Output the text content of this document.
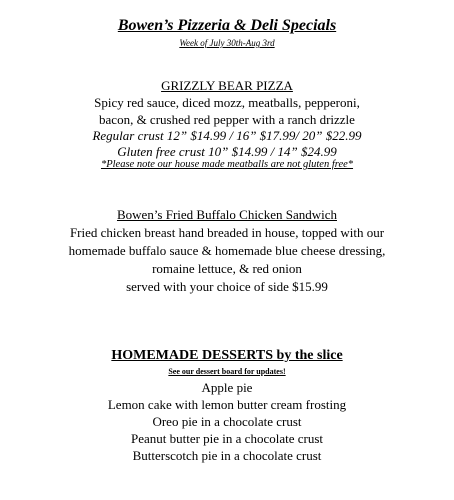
Bowen’s Pizzeria & Deli Specials
Week of July 30th-Aug 3rd
GRIZZLY BEAR PIZZA
Spicy red sauce, diced mozz, meatballs, pepperoni,
bacon, & crushed red pepper with a ranch drizzle
Regular crust 12” $14.99 / 16” $17.99/ 20” $22.99
Gluten free crust 10” $14.99 / 14” $24.99
*Please note our house made meatballs are not gluten free*
Bowen’s Fried Buffalo Chicken Sandwich
Fried chicken breast hand breaded in house, topped with our
homemade buffalo sauce & homemade blue cheese dressing,
romaine lettuce, & red onion
served with your choice of side $15.99
HOMEMADE DESSERTS by the slice
See our dessert board for updates!
Apple pie
Lemon cake with lemon butter cream frosting
Oreo pie in a chocolate crust
Peanut butter pie in a chocolate crust
Butterscotch pie in a chocolate crust
